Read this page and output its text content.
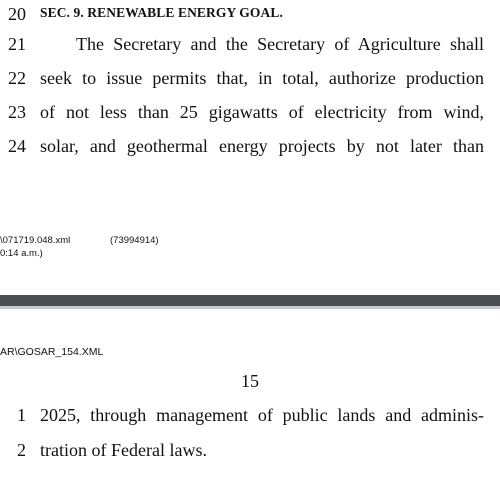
20 SEC. 9. RENEWABLE ENERGY GOAL.
21	The Secretary and the Secretary of Agriculture shall
22 seek to issue permits that, in total, authorize production
23 of not less than 25 gigawatts of electricity from wind,
24 solar, and geothermal energy projects by not later than
\071719.048.xml
0:14 a.m.)
(73994914)
AR\GOSAR_154.XML
15
1 2025, through management of public lands and adminis-
2 tration of Federal laws.
